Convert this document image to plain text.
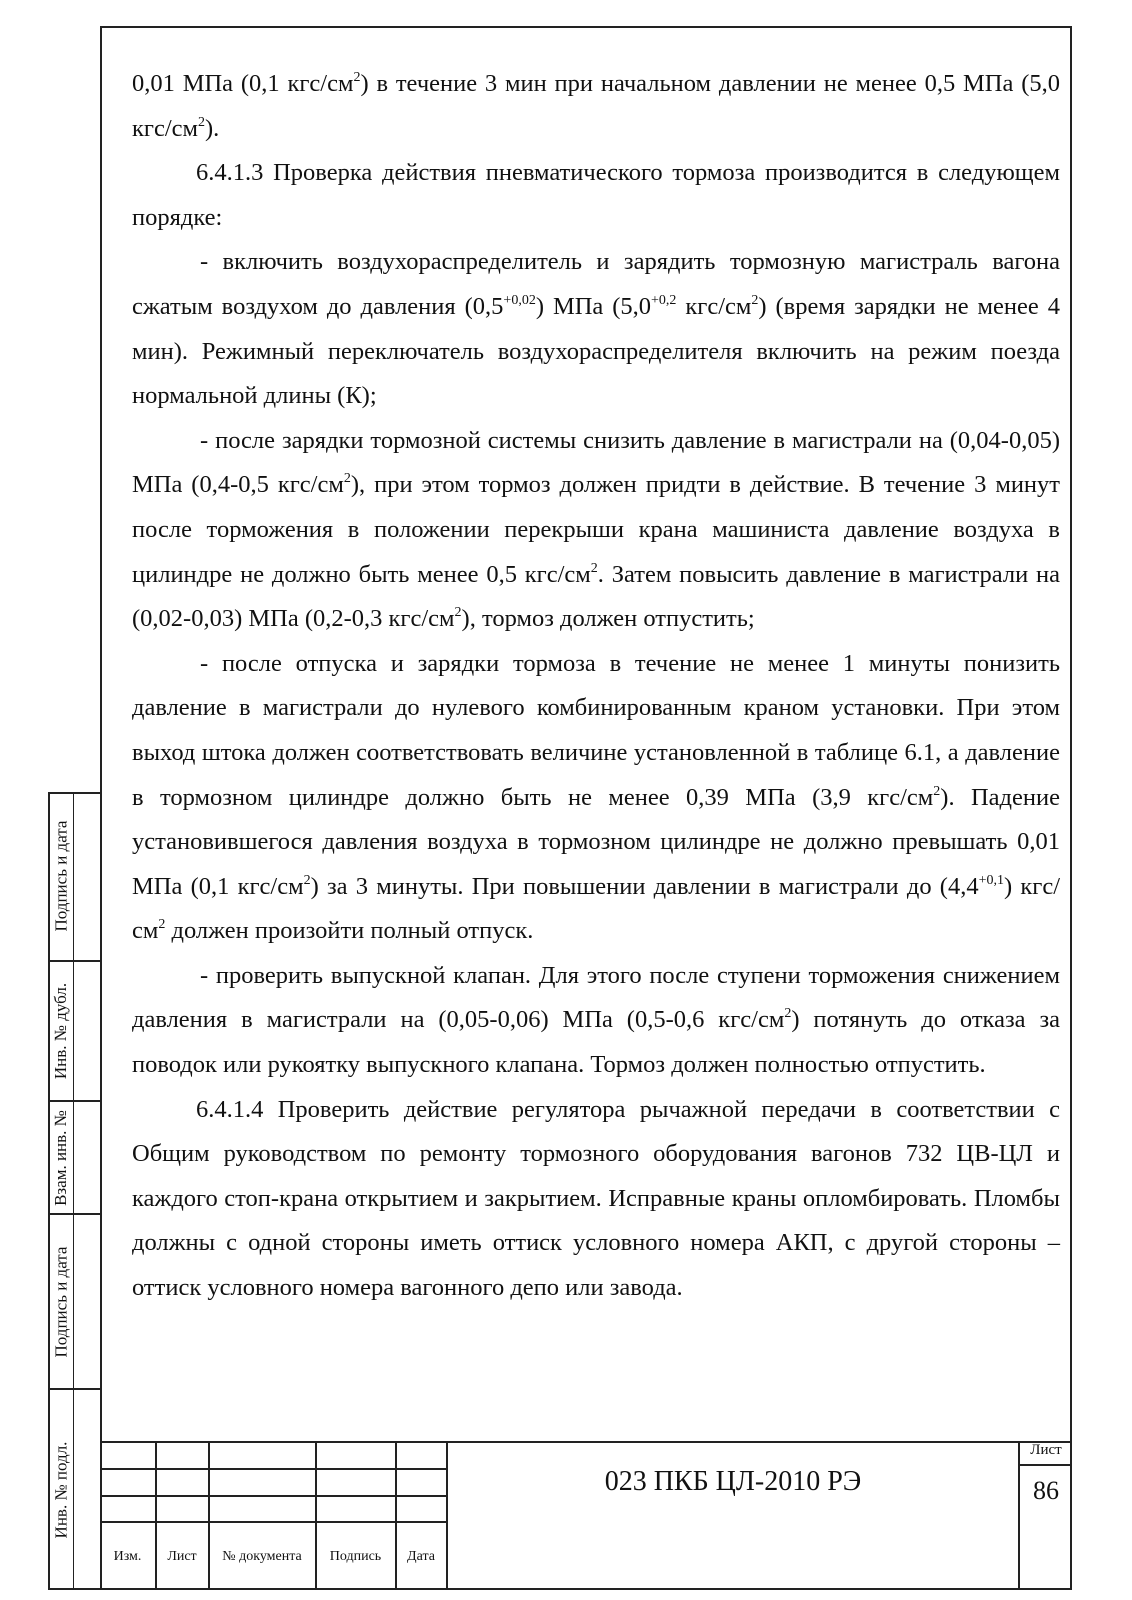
0,01 МПа (0,1 кгс/$см^2$) в течение 3 мин при начальном давлении не менее 0,5 МПа (5,0 кгс/$см^2$).

6.4.1.3 Проверка действия пневматического тормоза производится в следующем порядке:

- включить воздухораспределитель и зарядить тормозную магистраль вагона сжатым воздухом до давления $(0,5^{+0,02})$ МПа ($5,0^{+0,2}$ кгс/$см^2$) (время зарядки не менее 4 мин). Режимный переключатель воздухораспределителя включить на режим поезда нормальной длины (К);

- после зарядки тормозной системы снизить давление в магистрали на (0,04-0,05) МПа (0,4-0,5 кгс/$см^2$), при этом тормоз должен придти в действие. В течение 3 минут после торможения в положении перекрыши крана машиниста давление воздуха в цилиндре не должно быть менее 0,5 кгс/$см^2$. Затем повысить давление в магистрали на (0,02-0,03) МПа (0,2-0,3 кгс/$см^2$), тормоз должен отпустить;

- после отпуска и зарядки тормоза в течение не менее 1 минуты понизить давление в магистрали до нулевого комбинированным краном установки. При этом выход штока должен соответствовать величине установленной в таблице 6.1, а давление в тормозном цилиндре должно быть не менее 0,39 МПа (3,9 кгс/$см^2$). Падение установившегося давления воздуха в тормозном цилиндре не должно превышать 0,01 МПа (0,1 кгс/$см^2$) за 3 минуты. При повышении давлении в магистрали до $(4,4^{+0,1})$ кгс/$см^2$ должен произойти полный отпуск.

- проверить выпускной клапан. Для этого после ступени торможения снижением давления в магистрали на (0,05-0,06) МПа (0,5-0,6 кгс/$см^2$) потянуть до отказа за поводок или рукоятку выпускного клапана. Тормоз должен полностью отпустить.

6.4.1.4 Проверить действие регулятора рычажной передачи в соответствии с Общим руководством по ремонту тормозного оборудования вагонов 732 ЦВ-ЦЛ и каждого стоп-крана открытием и закрытием. Исправные краны опломбировать. Пломбы должны с одной стороны иметь оттиск условного номера АКП, с другой стороны – оттиск условного номера вагонного депо или завода.

Подпись и дата
Инв. № дубл.
Взам. инв. №
Подпись и дата
Инв. № подл.
Изм.	Лист	№ документа	Подпись	Дата
023 ПКБ ЦЛ-2010 РЭ
Лист
86
